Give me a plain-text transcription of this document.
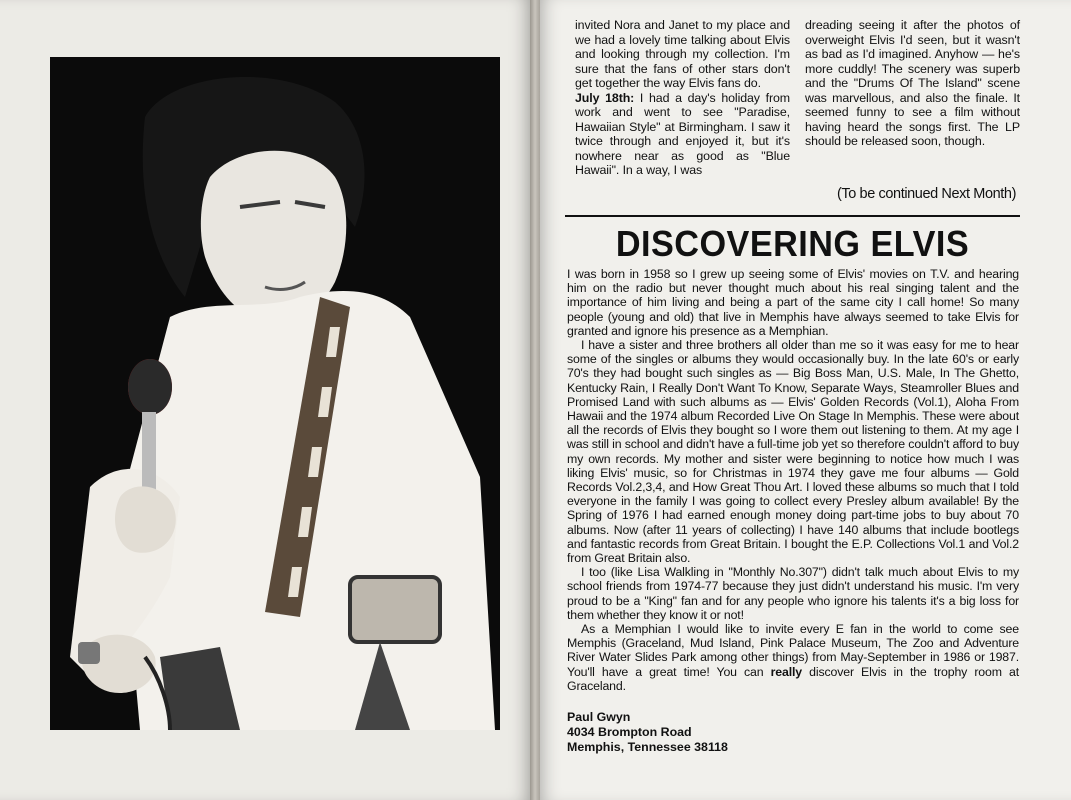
invited Nora and Janet to my place and we had a lovely time talking about Elvis and looking through my collection. I'm sure that the fans of other stars don't get together the way Elvis fans do.

July 18th: I had a day's holiday from work and went to see "Paradise, Hawaiian Style" at Birmingham. I saw it twice through and enjoyed it, but it's nowhere near as good as "Blue Hawaii". In a way, I was

dreading seeing it after the photos of overweight Elvis I'd seen, but it wasn't as bad as I'd imagined. Anyhow — he's more cuddly! The scenery was superb and the "Drums Of The Island" scene was marvellous, and also the finale. It seemed funny to see a film without having heard the songs first. The LP should be released soon, though.

(To be continued Next Month)
DISCOVERING ELVIS

I was born in 1958 so I grew up seeing some of Elvis' movies on T.V. and hearing him on the radio but never thought much about his real singing talent and the importance of him living and being a part of the same city I call home! So many people (young and old) that live in Memphis have always seemed to take Elvis for granted and ignore his presence as a Memphian.

I have a sister and three brothers all older than me so it was easy for me to hear some of the singles or albums they would occasionally buy. In the late 60's or early 70's they had bought such singles as — Big Boss Man, U.S. Male, In The Ghetto, Kentucky Rain, I Really Don't Want To Know, Separate Ways, Steamroller Blues and Promised Land with such albums as — Elvis' Golden Records (Vol.1), Aloha From Hawaii and the 1974 album Recorded Live On Stage In Memphis. These were about all the records of Elvis they bought so I wore them out listening to them. At my age I was still in school and didn't have a full-time job yet so therefore couldn't afford to buy my own records. My mother and sister were beginning to notice how much I was liking Elvis' music, so for Christmas in 1974 they gave me four albums — Gold Records Vol.2,3,4, and How Great Thou Art. I loved these albums so much that I told everyone in the family I was going to collect every Presley album available! By the Spring of 1976 I had earned enough money doing part-time jobs to buy about 70 albums. Now (after 11 years of collecting) I have 140 albums that include bootlegs and fantastic records from Great Britain. I bought the E.P. Collections Vol.1 and Vol.2 from Great Britain also.

I too (like Lisa Walkling in "Monthly No.307") didn't talk much about Elvis to my school friends from 1974-77 because they just didn't understand his music. I'm very proud to be a "King" fan and for any people who ignore his talents it's a big loss for them whether they know it or not!

As a Memphian I would like to invite every E fan in the world to come see Memphis (Graceland, Mud Island, Pink Palace Museum, The Zoo and Adventure River Water Slides Park among other things) from May-September in 1986 or 1987. You'll have a great time! You can really discover Elvis in the trophy room at Graceland.

Paul Gwyn
4034 Brompton Road
Memphis, Tennessee 38118
